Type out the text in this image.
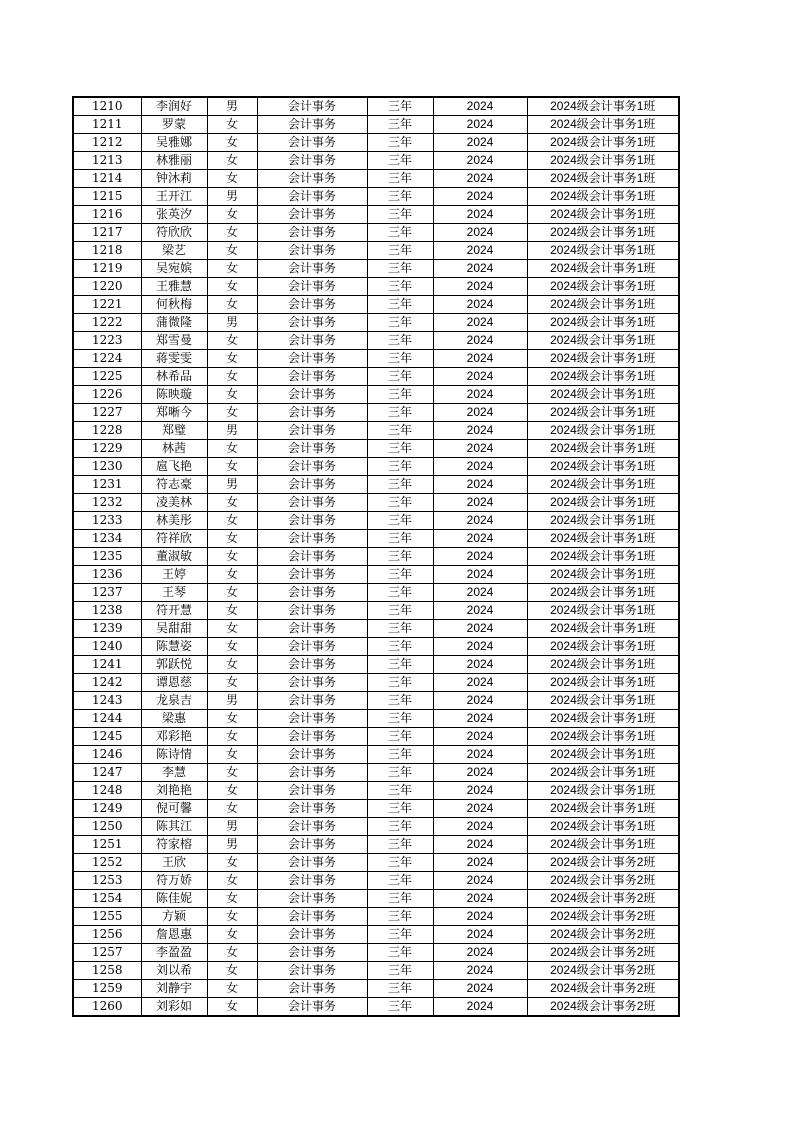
1210	李润好	男	会计事务	三年	2024	2024级会计事务1班
1211	罗蒙	女	会计事务	三年	2024	2024级会计事务1班
1212	吴雅娜	女	会计事务	三年	2024	2024级会计事务1班
1213	林雅丽	女	会计事务	三年	2024	2024级会计事务1班
1214	钟沐莉	女	会计事务	三年	2024	2024级会计事务1班
1215	王开江	男	会计事务	三年	2024	2024级会计事务1班
1216	张英汐	女	会计事务	三年	2024	2024级会计事务1班
1217	符欣欣	女	会计事务	三年	2024	2024级会计事务1班
1218	梁艺	女	会计事务	三年	2024	2024级会计事务1班
1219	吴宛嫔	女	会计事务	三年	2024	2024级会计事务1班
1220	王雅慧	女	会计事务	三年	2024	2024级会计事务1班
1221	何秋梅	女	会计事务	三年	2024	2024级会计事务1班
1222	蒲微隆	男	会计事务	三年	2024	2024级会计事务1班
1223	郑雪曼	女	会计事务	三年	2024	2024级会计事务1班
1224	蒋雯雯	女	会计事务	三年	2024	2024级会计事务1班
1225	林希品	女	会计事务	三年	2024	2024级会计事务1班
1226	陈映璇	女	会计事务	三年	2024	2024级会计事务1班
1227	郑晰今	女	会计事务	三年	2024	2024级会计事务1班
1228	郑璧	男	会计事务	三年	2024	2024级会计事务1班
1229	林茜	女	会计事务	三年	2024	2024级会计事务1班
1230	扈飞艳	女	会计事务	三年	2024	2024级会计事务1班
1231	符志豪	男	会计事务	三年	2024	2024级会计事务1班
1232	凌美林	女	会计事务	三年	2024	2024级会计事务1班
1233	林美彤	女	会计事务	三年	2024	2024级会计事务1班
1234	符祥欣	女	会计事务	三年	2024	2024级会计事务1班
1235	董淑敏	女	会计事务	三年	2024	2024级会计事务1班
1236	王婷	女	会计事务	三年	2024	2024级会计事务1班
1237	王琴	女	会计事务	三年	2024	2024级会计事务1班
1238	符开慧	女	会计事务	三年	2024	2024级会计事务1班
1239	吴甜甜	女	会计事务	三年	2024	2024级会计事务1班
1240	陈慧姿	女	会计事务	三年	2024	2024级会计事务1班
1241	郭跃悦	女	会计事务	三年	2024	2024级会计事务1班
1242	谭恩慈	女	会计事务	三年	2024	2024级会计事务1班
1243	龙泉吉	男	会计事务	三年	2024	2024级会计事务1班
1244	梁惠	女	会计事务	三年	2024	2024级会计事务1班
1245	邓彩艳	女	会计事务	三年	2024	2024级会计事务1班
1246	陈诗情	女	会计事务	三年	2024	2024级会计事务1班
1247	李慧	女	会计事务	三年	2024	2024级会计事务1班
1248	刘艳艳	女	会计事务	三年	2024	2024级会计事务1班
1249	倪可馨	女	会计事务	三年	2024	2024级会计事务1班
1250	陈其江	男	会计事务	三年	2024	2024级会计事务1班
1251	符家榕	男	会计事务	三年	2024	2024级会计事务1班
1252	王欣	女	会计事务	三年	2024	2024级会计事务2班
1253	符万娇	女	会计事务	三年	2024	2024级会计事务2班
1254	陈佳妮	女	会计事务	三年	2024	2024级会计事务2班
1255	方颖	女	会计事务	三年	2024	2024级会计事务2班
1256	詹恩惠	女	会计事务	三年	2024	2024级会计事务2班
1257	李盈盈	女	会计事务	三年	2024	2024级会计事务2班
1258	刘以希	女	会计事务	三年	2024	2024级会计事务2班
1259	刘静宇	女	会计事务	三年	2024	2024级会计事务2班
1260	刘彩如	女	会计事务	三年	2024	2024级会计事务2班
